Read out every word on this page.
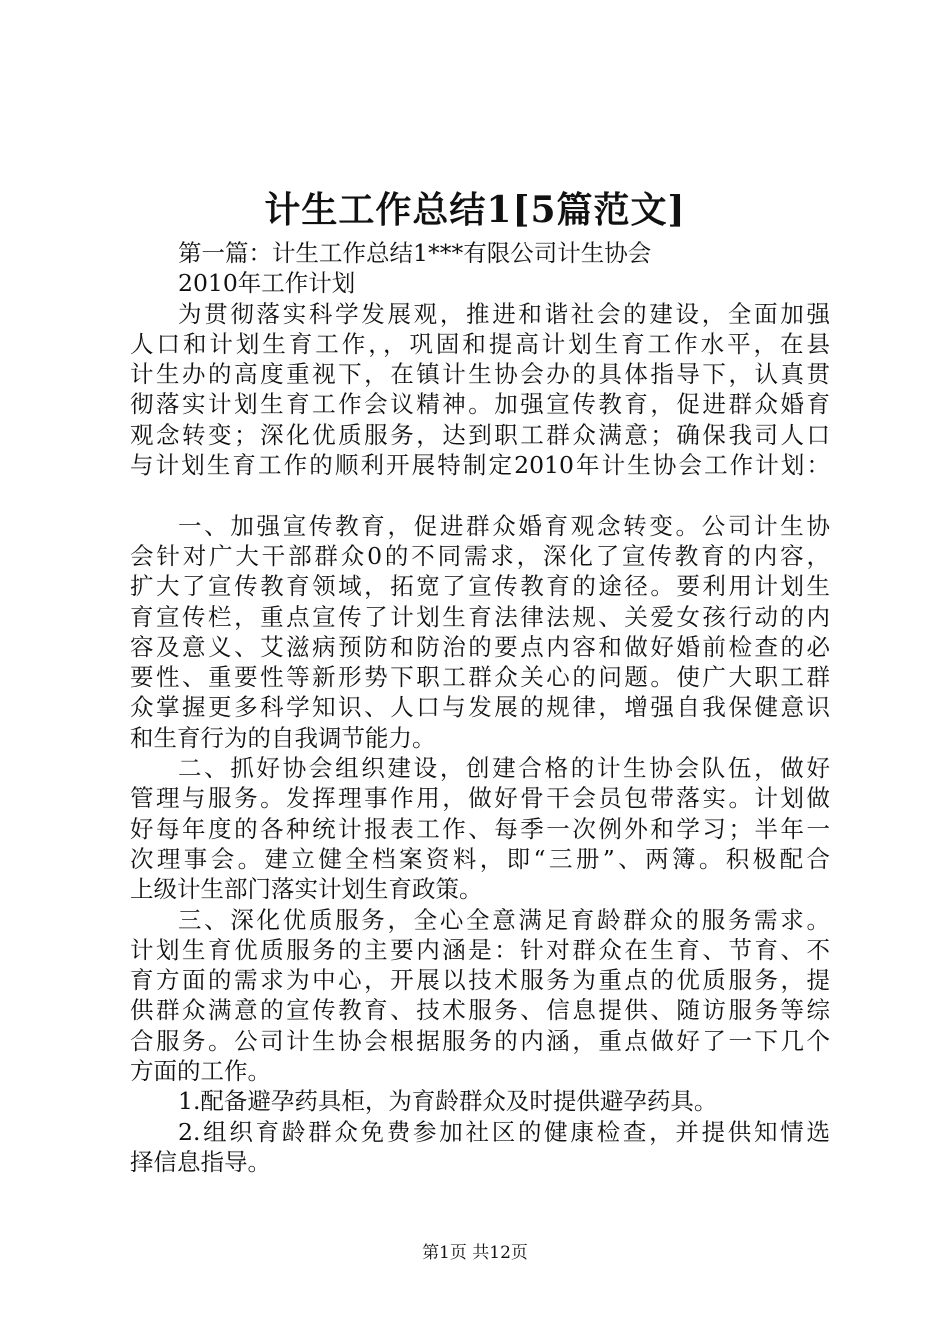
计生工作总结1[5篇范文]
第一篇：计生工作总结1***有限公司计生协会
2010年工作计划
为贯彻落实科学发展观，推进和谐社会的建设，全面加强
人口和计划生育工作，，巩固和提高计划生育工作水平，在县
计生办的高度重视下，在镇计生协会办的具体指导下，认真贯
彻落实计划生育工作会议精神。加强宣传教育，促进群众婚育
观念转变；深化优质服务，达到职工群众满意；确保我司人口
与计划生育工作的顺利开展特制定2010年计生协会工作计划：
一、加强宣传教育，促进群众婚育观念转变。公司计生协
会针对广大干部群众0的不同需求，深化了宣传教育的内容，
扩大了宣传教育领域，拓宽了宣传教育的途径。要利用计划生
育宣传栏，重点宣传了计划生育法律法规、关爱女孩行动的内
容及意义、艾滋病预防和防治的要点内容和做好婚前检查的必
要性、重要性等新形势下职工群众关心的问题。使广大职工群
众掌握更多科学知识、人口与发展的规律，增强自我保健意识
和生育行为的自我调节能力。
二、抓好协会组织建设，创建合格的计生协会队伍，做好
管理与服务。发挥理事作用，做好骨干会员包带落实。计划做
好每年度的各种统计报表工作、每季一次例外和学习；半年一
次理事会。建立健全档案资料，即“三册”、两簿。积极配合
上级计生部门落实计划生育政策。
三、深化优质服务，全心全意满足育龄群众的服务需求。
计划生育优质服务的主要内涵是：针对群众在生育、节育、不
育方面的需求为中心，开展以技术服务为重点的优质服务，提
供群众满意的宣传教育、技术服务、信息提供、随访服务等综
合服务。公司计生协会根据服务的内涵，重点做好了一下几个
方面的工作。
1.配备避孕药具柜，为育龄群众及时提供避孕药具。
2.组织育龄群众免费参加社区的健康检查，并提供知情选
择信息指导。
第1页 共12页
